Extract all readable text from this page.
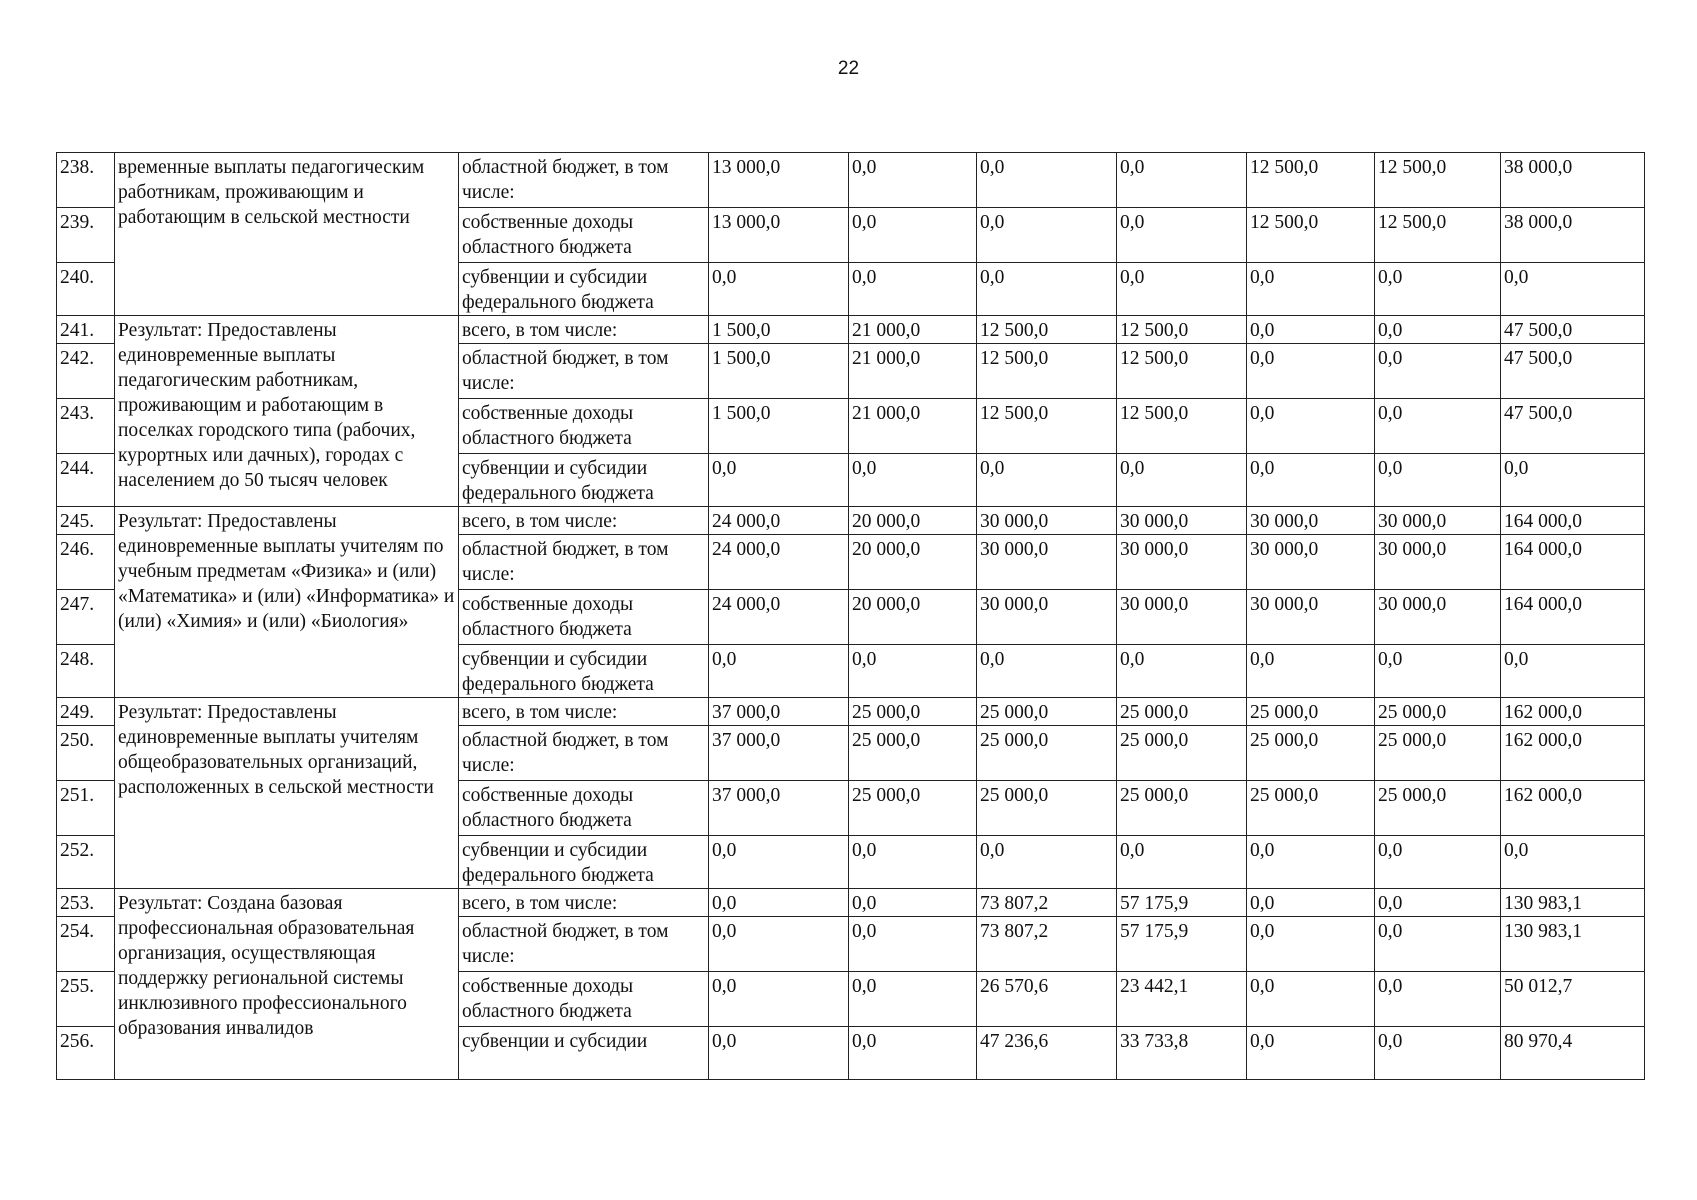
22
238.	временные выплаты педагогическим работникам, проживающим и работающим в сельской местности	областной бюджет, в том числе:	13 000,0	0,0	0,0	0,0	12 500,0	12 500,0	38 000,0
239.		собственные доходы областного бюджета	13 000,0	0,0	0,0	0,0	12 500,0	12 500,0	38 000,0
240.		субвенции и субсидии федерального бюджета	0,0	0,0	0,0	0,0	0,0	0,0	0,0
241.	Результат: Предоставлены единовременные выплаты педагогическим работникам, проживающим и работающим в поселках городского типа (рабочих, курортных или дачных), городах с населением до 50 тысяч человек	всего, в том числе:	1 500,0	21 000,0	12 500,0	12 500,0	0,0	0,0	47 500,0
242.		областной бюджет, в том числе:	1 500,0	21 000,0	12 500,0	12 500,0	0,0	0,0	47 500,0
243.		собственные доходы областного бюджета	1 500,0	21 000,0	12 500,0	12 500,0	0,0	0,0	47 500,0
244.		субвенции и субсидии федерального бюджета	0,0	0,0	0,0	0,0	0,0	0,0	0,0
245.	Результат: Предоставлены единовременные выплаты учителям по учебным предметам «Физика» и (или) «Математика» и (или) «Информатика» и (или) «Химия» и (или) «Биология»	всего, в том числе:	24 000,0	20 000,0	30 000,0	30 000,0	30 000,0	30 000,0	164 000,0
246.		областной бюджет, в том числе:	24 000,0	20 000,0	30 000,0	30 000,0	30 000,0	30 000,0	164 000,0
247.		собственные доходы областного бюджета	24 000,0	20 000,0	30 000,0	30 000,0	30 000,0	30 000,0	164 000,0
248.		субвенции и субсидии федерального бюджета	0,0	0,0	0,0	0,0	0,0	0,0	0,0
249.	Результат: Предоставлены единовременные выплаты учителям общеобразовательных организаций, расположенных в сельской местности	всего, в том числе:	37 000,0	25 000,0	25 000,0	25 000,0	25 000,0	25 000,0	162 000,0
250.		областной бюджет, в том числе:	37 000,0	25 000,0	25 000,0	25 000,0	25 000,0	25 000,0	162 000,0
251.		собственные доходы областного бюджета	37 000,0	25 000,0	25 000,0	25 000,0	25 000,0	25 000,0	162 000,0
252.		субвенции и субсидии федерального бюджета	0,0	0,0	0,0	0,0	0,0	0,0	0,0
253.	Результат: Создана базовая профессиональная образовательная организация, осуществляющая поддержку региональной системы инклюзивного профессионального образования инвалидов	всего, в том числе:	0,0	0,0	73 807,2	57 175,9	0,0	0,0	130 983,1
254.		областной бюджет, в том числе:	0,0	0,0	73 807,2	57 175,9	0,0	0,0	130 983,1
255.		собственные доходы областного бюджета	0,0	0,0	26 570,6	23 442,1	0,0	0,0	50 012,7
256.		субвенции и субсидии	0,0	0,0	47 236,6	33 733,8	0,0	0,0	80 970,4
